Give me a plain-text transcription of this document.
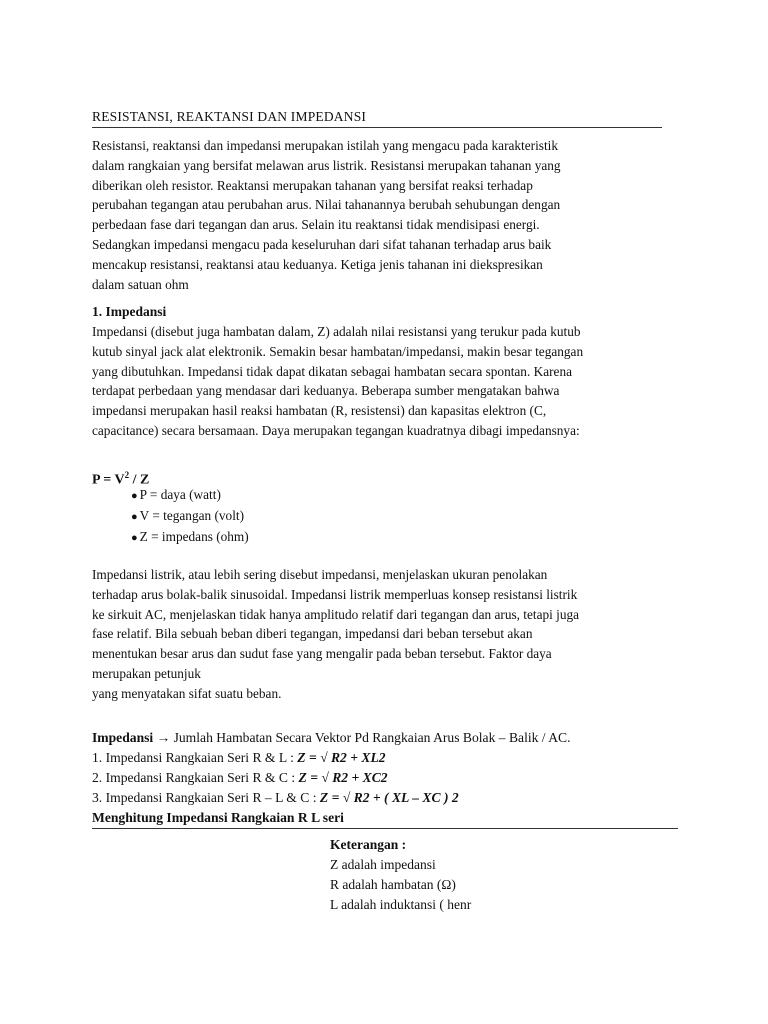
RESISTANSI, REAKTANSI DAN IMPEDANSI

Resistansi, reaktansi dan impedansi merupakan istilah yang mengacu pada karakteristik

dalam rangkaian yang bersifat melawan arus listrik. Resistansi merupakan tahanan yang

diberikan oleh resistor. Reaktansi merupakan tahanan yang bersifat reaksi terhadap

perubahan tegangan atau perubahan arus. Nilai tahanannya berubah sehubungan dengan

perbedaan fase dari tegangan dan arus. Selain itu reaktansi tidak mendisipasi energi.

Sedangkan impedansi mengacu pada keseluruhan dari sifat tahanan terhadap arus baik

mencakup resistansi, reaktansi atau keduanya. Ketiga jenis tahanan ini diekspresikan

dalam satuan ohm

1. Impedansi

Impedansi (disebut juga hambatan dalam, Z) adalah nilai resistansi yang terukur pada kutub

kutub sinyal jack alat elektronik. Semakin besar hambatan/impedansi, makin besar tegangan

yang dibutuhkan. Impedansi tidak dapat dikatan sebagai hambatan secara spontan. Karena

terdapat perbedaan yang mendasar dari keduanya. Beberapa sumber mengatakan bahwa

impedansi merupakan hasil reaksi hambatan (R, resistensi) dan kapasitas elektron (C,

capacitance) secara bersamaan. Daya merupakan tegangan kuadratnya dibagi impedansnya:

$P = V^2 / Z$
● P = daya (watt)
● V = tegangan (volt)
● Z = impedans (ohm)

Impedansi listrik, atau lebih sering disebut impedansi, menjelaskan ukuran penolakan

terhadap arus bolak-balik sinusoidal. Impedansi listrik memperluas konsep resistansi listrik

ke sirkuit AC, menjelaskan tidak hanya amplitudo relatif dari tegangan dan arus, tetapi juga

fase relatif. Bila sebuah beban diberi tegangan, impedansi dari beban tersebut akan

menentukan besar arus dan sudut fase yang mengalir pada beban tersebut. Faktor daya

merupakan petunjuk

yang menyatakan sifat suatu beban.

Impedansi → Jumlah Hambatan Secara Vektor Pd Rangkaian Arus Bolak – Balik / AC.
1. Impedansi Rangkaian Seri R & L : Z = √ R2 + XL2
2. Impedansi Rangkaian Seri R & C : Z = √ R2 + XC2
3. Impedansi Rangkaian Seri R – L & C : Z = √ R2 + ( XL – XC ) 2
Menghitung Impedansi Rangkaian R L seri
Keterangan :
Z adalah impedansi
R adalah hambatan (Ω)
L adalah induktansi ( henr
